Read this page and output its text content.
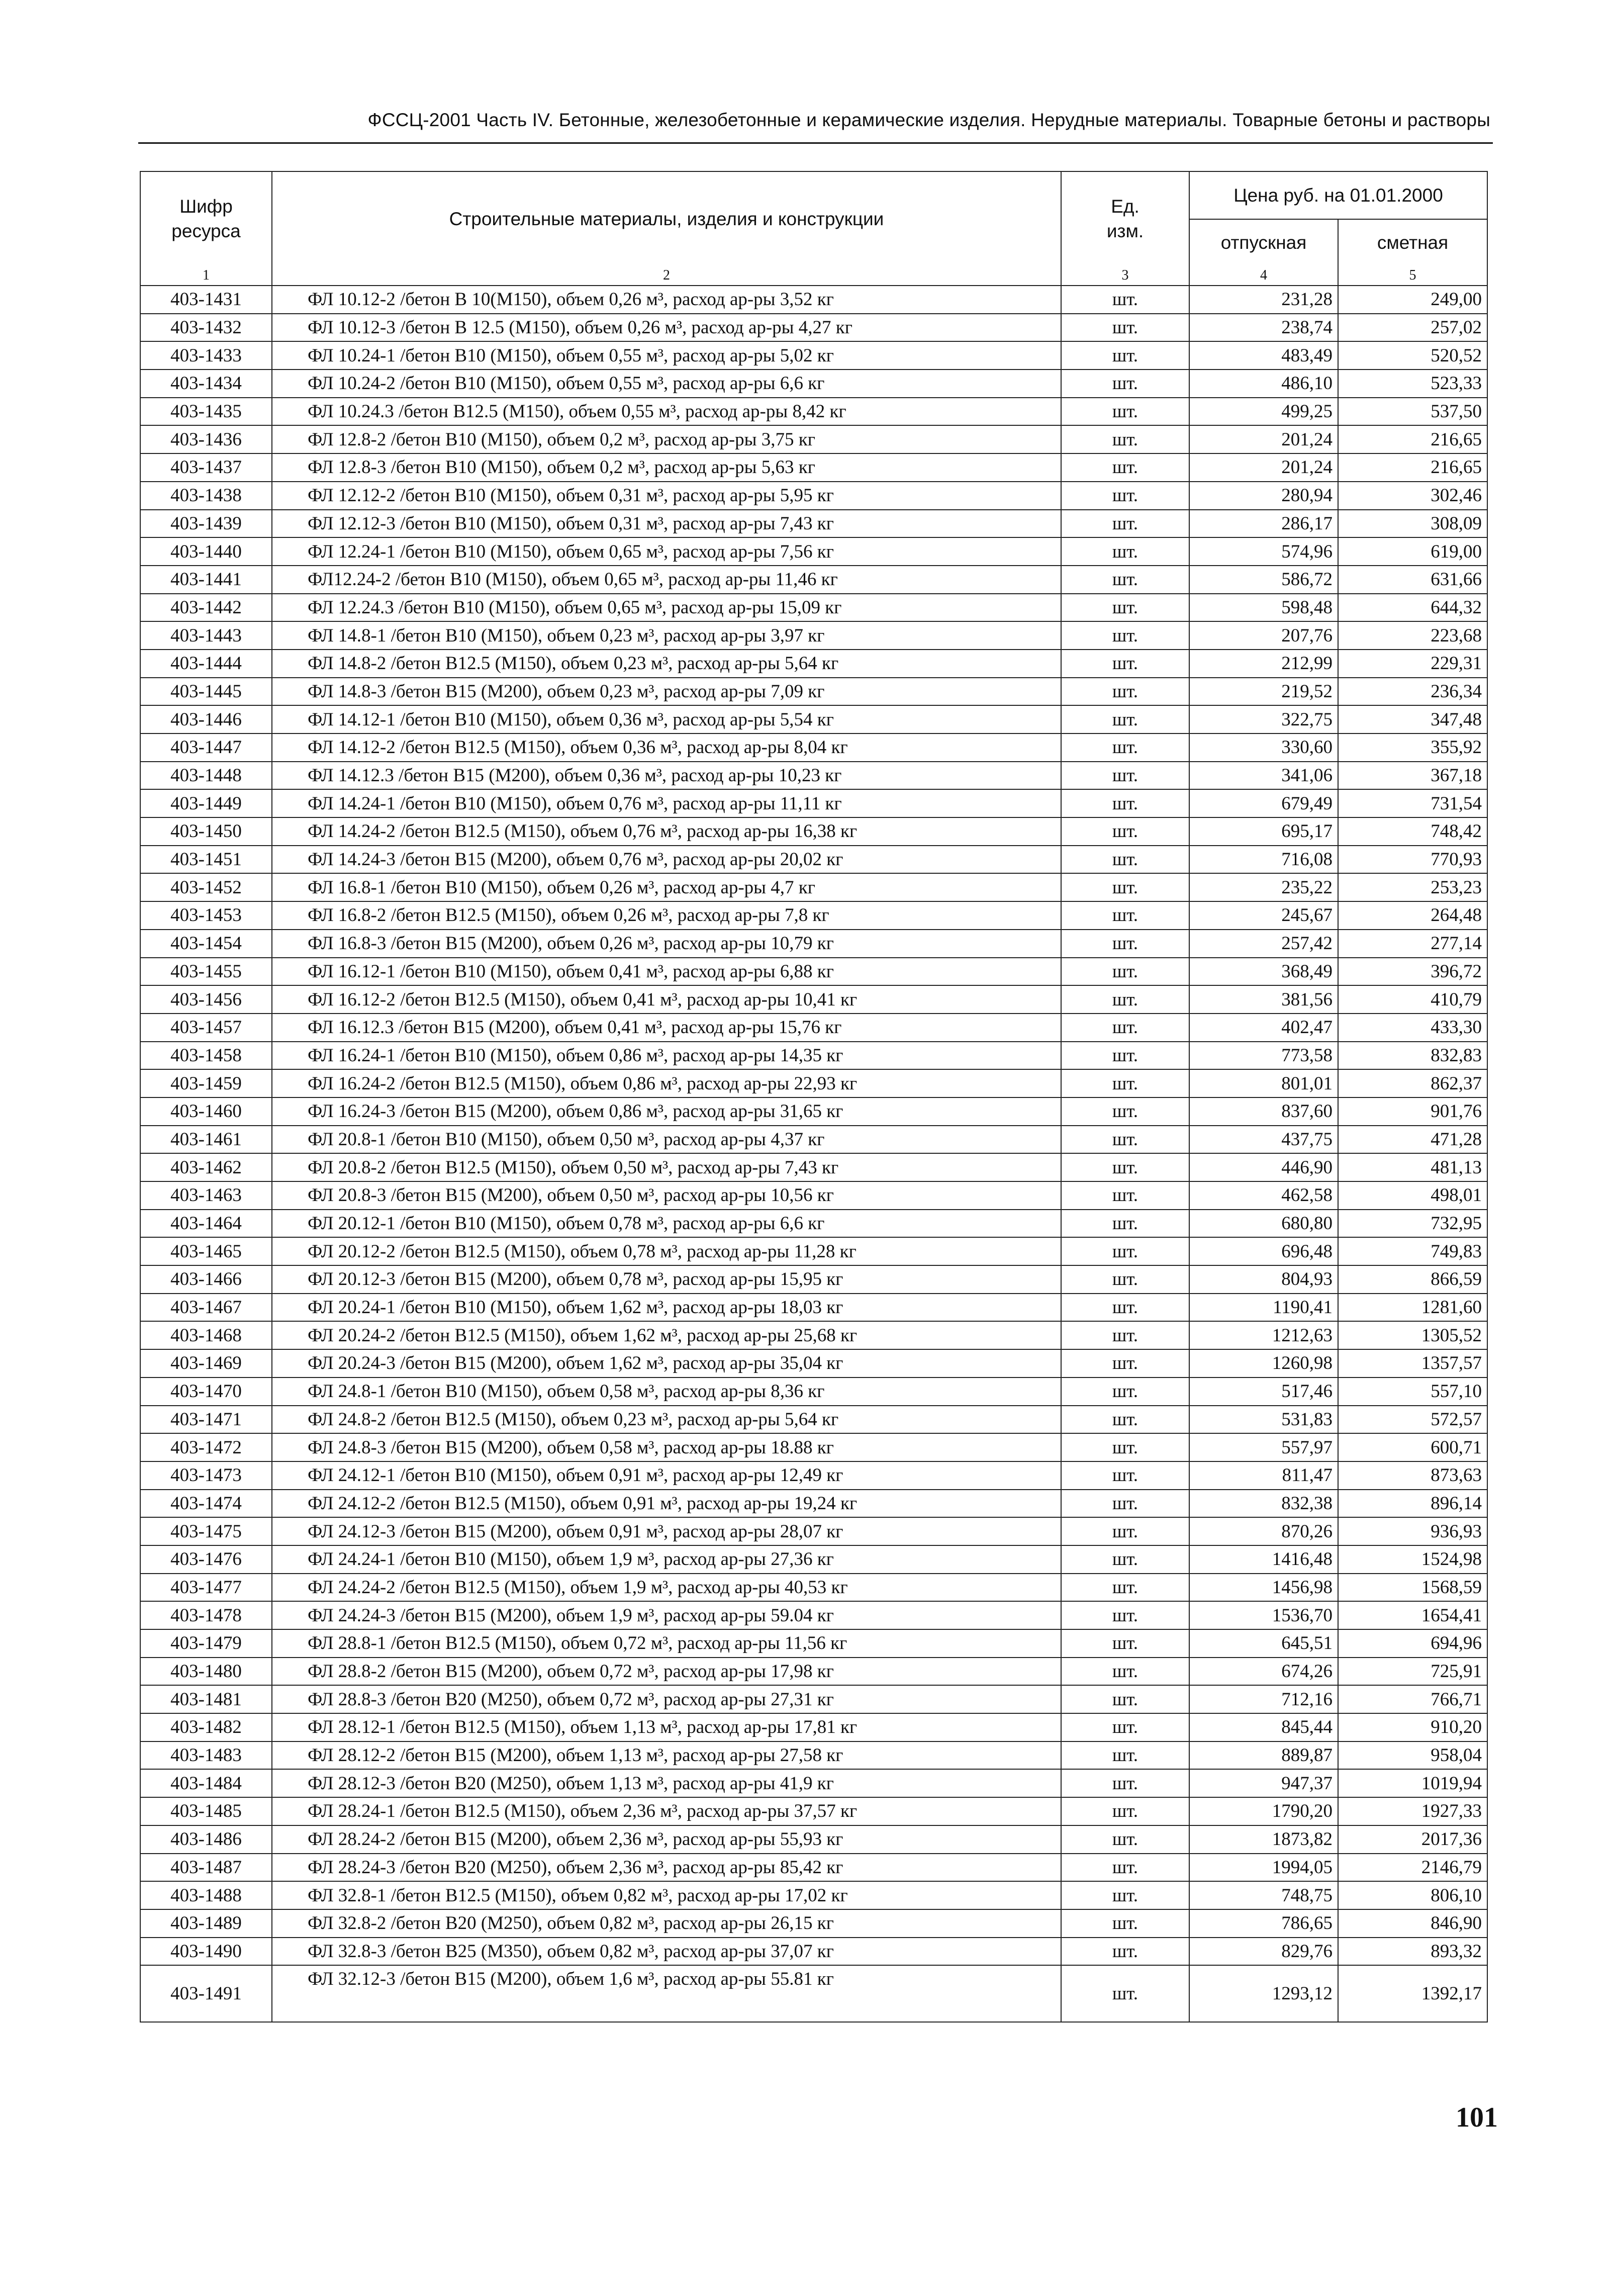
ФССЦ-2001 Часть IV. Бетонные, железобетонные и керамические изделия. Нерудные материалы. Товарные бетоны и растворы
Шифр ресурса	Строительные материалы, изделия и конструкции	Ед. изм.	Цена руб. на 01.01.2000	
			отпускная	сметная
1	2	3	4	5
403-1431	ФЛ 10.12-2 /бетон В 10(М150), объем 0,26 м³, расход ар-ры 3,52 кг	шт.	231,28	249,00
403-1432	ФЛ 10.12-3 /бетон В 12.5 (М150), объем 0,26 м³, расход ар-ры 4,27 кг	шт.	238,74	257,02
403-1433	ФЛ 10.24-1 /бетон В10 (М150), объем 0,55 м³, расход ар-ры 5,02 кг	шт.	483,49	520,52
403-1434	ФЛ 10.24-2 /бетон В10 (М150), объем 0,55 м³, расход ар-ры 6,6 кг	шт.	486,10	523,33
403-1435	ФЛ 10.24.3 /бетон В12.5 (М150), объем 0,55 м³, расход ар-ры 8,42 кг	шт.	499,25	537,50
403-1436	ФЛ 12.8-2 /бетон В10 (М150), объем 0,2 м³, расход ар-ры 3,75 кг	шт.	201,24	216,65
403-1437	ФЛ 12.8-3 /бетон В10 (М150), объем 0,2 м³, расход ар-ры 5,63 кг	шт.	201,24	216,65
403-1438	ФЛ 12.12-2 /бетон В10 (М150), объем 0,31 м³, расход ар-ры 5,95 кг	шт.	280,94	302,46
403-1439	ФЛ 12.12-3 /бетон В10 (М150), объем 0,31 м³, расход ар-ры 7,43 кг	шт.	286,17	308,09
403-1440	ФЛ 12.24-1 /бетон В10 (М150), объем 0,65 м³, расход ар-ры 7,56 кг	шт.	574,96	619,00
403-1441	ФЛ12.24-2 /бетон В10 (М150), объем 0,65 м³, расход ар-ры 11,46 кг	шт.	586,72	631,66
403-1442	ФЛ 12.24.3 /бетон В10 (М150), объем 0,65 м³, расход ар-ры 15,09 кг	шт.	598,48	644,32
403-1443	ФЛ 14.8-1 /бетон В10 (М150), объем 0,23 м³, расход ар-ры 3,97 кг	шт.	207,76	223,68
403-1444	ФЛ 14.8-2 /бетон В12.5 (М150), объем 0,23 м³, расход ар-ры 5,64 кг	шт.	212,99	229,31
403-1445	ФЛ 14.8-3 /бетон В15 (М200), объем 0,23 м³, расход ар-ры 7,09 кг	шт.	219,52	236,34
403-1446	ФЛ 14.12-1 /бетон В10 (М150), объем 0,36 м³, расход ар-ры 5,54 кг	шт.	322,75	347,48
403-1447	ФЛ 14.12-2 /бетон В12.5 (М150), объем 0,36 м³, расход ар-ры 8,04 кг	шт.	330,60	355,92
403-1448	ФЛ 14.12.3 /бетон В15 (М200), объем 0,36 м³, расход ар-ры 10,23 кг	шт.	341,06	367,18
403-1449	ФЛ 14.24-1 /бетон В10 (М150), объем 0,76 м³, расход ар-ры 11,11 кг	шт.	679,49	731,54
403-1450	ФЛ 14.24-2 /бетон В12.5 (М150), объем 0,76 м³, расход ар-ры 16,38 кг	шт.	695,17	748,42
403-1451	ФЛ 14.24-3 /бетон В15 (М200), объем 0,76 м³, расход ар-ры 20,02 кг	шт.	716,08	770,93
403-1452	ФЛ 16.8-1 /бетон В10 (М150), объем 0,26 м³, расход ар-ры 4,7 кг	шт.	235,22	253,23
403-1453	ФЛ 16.8-2 /бетон В12.5 (М150), объем 0,26 м³, расход ар-ры 7,8 кг	шт.	245,67	264,48
403-1454	ФЛ 16.8-3 /бетон В15 (М200), объем 0,26 м³, расход ар-ры 10,79 кг	шт.	257,42	277,14
403-1455	ФЛ 16.12-1 /бетон В10 (М150), объем 0,41 м³, расход ар-ры 6,88 кг	шт.	368,49	396,72
403-1456	ФЛ 16.12-2 /бетон В12.5 (М150), объем 0,41 м³, расход ар-ры 10,41 кг	шт.	381,56	410,79
403-1457	ФЛ 16.12.3 /бетон В15 (М200), объем 0,41 м³, расход ар-ры 15,76 кг	шт.	402,47	433,30
403-1458	ФЛ 16.24-1 /бетон В10 (М150), объем 0,86 м³, расход ар-ры 14,35 кг	шт.	773,58	832,83
403-1459	ФЛ 16.24-2 /бетон В12.5 (М150), объем 0,86 м³, расход ар-ры 22,93 кг	шт.	801,01	862,37
403-1460	ФЛ 16.24-3 /бетон В15 (М200), объем 0,86 м³, расход ар-ры 31,65 кг	шт.	837,60	901,76
403-1461	ФЛ 20.8-1 /бетон В10 (М150), объем 0,50 м³, расход ар-ры 4,37 кг	шт.	437,75	471,28
403-1462	ФЛ 20.8-2 /бетон В12.5 (М150), объем 0,50 м³, расход ар-ры 7,43 кг	шт.	446,90	481,13
403-1463	ФЛ 20.8-3 /бетон В15 (М200), объем 0,50 м³, расход ар-ры 10,56 кг	шт.	462,58	498,01
403-1464	ФЛ 20.12-1 /бетон В10 (М150), объем 0,78 м³, расход ар-ры 6,6 кг	шт.	680,80	732,95
403-1465	ФЛ 20.12-2 /бетон В12.5 (М150), объем 0,78 м³, расход ар-ры 11,28 кг	шт.	696,48	749,83
403-1466	ФЛ 20.12-3 /бетон В15 (М200), объем 0,78 м³, расход ар-ры 15,95 кг	шт.	804,93	866,59
403-1467	ФЛ 20.24-1 /бетон В10 (М150), объем 1,62 м³, расход ар-ры 18,03 кг	шт.	1190,41	1281,60
403-1468	ФЛ 20.24-2 /бетон В12.5 (М150), объем 1,62 м³, расход ар-ры 25,68 кг	шт.	1212,63	1305,52
403-1469	ФЛ 20.24-3 /бетон В15 (М200), объем 1,62 м³, расход ар-ры 35,04 кг	шт.	1260,98	1357,57
403-1470	ФЛ 24.8-1 /бетон В10 (М150), объем 0,58 м³, расход ар-ры 8,36 кг	шт.	517,46	557,10
403-1471	ФЛ 24.8-2 /бетон В12.5 (М150), объем 0,23 м³, расход ар-ры 5,64 кг	шт.	531,83	572,57
403-1472	ФЛ 24.8-3 /бетон В15 (М200), объем 0,58 м³, расход ар-ры 18.88 кг	шт.	557,97	600,71
403-1473	ФЛ 24.12-1 /бетон В10 (М150), объем 0,91 м³, расход ар-ры 12,49 кг	шт.	811,47	873,63
403-1474	ФЛ 24.12-2 /бетон В12.5 (М150), объем 0,91 м³, расход ар-ры 19,24 кг	шт.	832,38	896,14
403-1475	ФЛ 24.12-3 /бетон В15 (М200), объем 0,91 м³, расход ар-ры 28,07 кг	шт.	870,26	936,93
403-1476	ФЛ 24.24-1 /бетон В10 (М150), объем 1,9 м³, расход ар-ры 27,36 кг	шт.	1416,48	1524,98
403-1477	ФЛ 24.24-2 /бетон В12.5 (М150), объем 1,9 м³, расход ар-ры 40,53 кг	шт.	1456,98	1568,59
403-1478	ФЛ 24.24-3 /бетон В15 (М200), объем 1,9 м³, расход ар-ры 59.04 кг	шт.	1536,70	1654,41
403-1479	ФЛ 28.8-1 /бетон В12.5 (М150), объем 0,72 м³, расход ар-ры 11,56 кг	шт.	645,51	694,96
403-1480	ФЛ 28.8-2 /бетон В15 (М200), объем 0,72 м³, расход ар-ры 17,98 кг	шт.	674,26	725,91
403-1481	ФЛ 28.8-3 /бетон В20 (М250), объем 0,72 м³, расход ар-ры 27,31 кг	шт.	712,16	766,71
403-1482	ФЛ 28.12-1 /бетон В12.5 (М150), объем 1,13 м³, расход ар-ры 17,81 кг	шт.	845,44	910,20
403-1483	ФЛ 28.12-2 /бетон В15 (М200), объем 1,13 м³, расход ар-ры 27,58 кг	шт.	889,87	958,04
403-1484	ФЛ 28.12-3 /бетон В20 (М250), объем 1,13 м³, расход ар-ры 41,9 кг	шт.	947,37	1019,94
403-1485	ФЛ 28.24-1 /бетон В12.5 (М150), объем 2,36 м³, расход ар-ры 37,57 кг	шт.	1790,20	1927,33
403-1486	ФЛ 28.24-2 /бетон В15 (М200), объем 2,36 м³, расход ар-ры 55,93 кг	шт.	1873,82	2017,36
403-1487	ФЛ 28.24-3 /бетон В20 (М250), объем 2,36 м³, расход ар-ры 85,42 кг	шт.	1994,05	2146,79
403-1488	ФЛ 32.8-1 /бетон В12.5 (М150), объем 0,82 м³, расход ар-ры 17,02 кг	шт.	748,75	806,10
403-1489	ФЛ 32.8-2 /бетон В20 (М250), объем 0,82 м³, расход ар-ры 26,15 кг	шт.	786,65	846,90
403-1490	ФЛ 32.8-3 /бетон В25 (М350), объем 0,82 м³, расход ар-ры 37,07 кг	шт.	829,76	893,32
403-1491	ФЛ 32.12-3 /бетон В15 (М200), объем 1,6 м³, расход ар-ры 55.81 кг	шт.	1293,12	1392,17
101
